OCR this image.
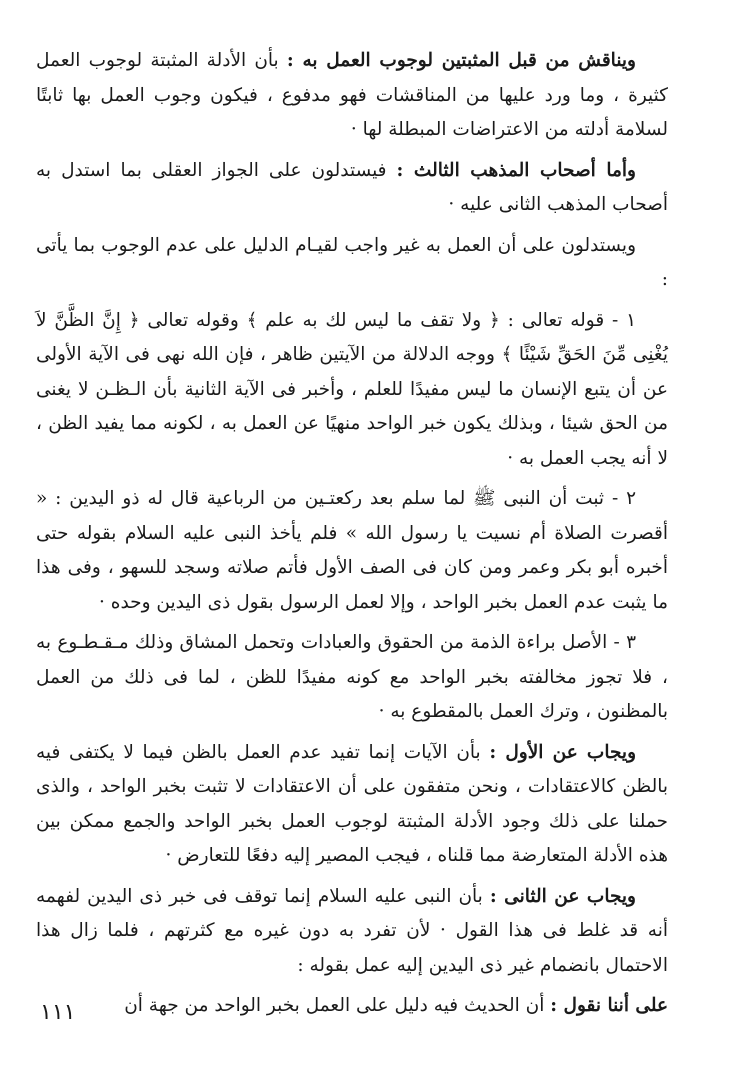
ويناقش من قبل المثبتين لوجوب العمل به : بأن الأدلة المثبتة لوجوب العمل كثيرة ، وما ورد عليها من المناقشات فهو مدفوع ، فيكون وجوب العمل بها ثابتًا لسلامة أدلته من الاعتراضات المبطلة لها ·

وأما أصحاب المذهب الثالث : فيستدلون على الجواز العقلى بما استدل به أصحاب المذهب الثانى عليه ·

ويستدلون على أن العمل به غير واجب لقيـام الدليل على عدم الوجوب بما يأتى :

١ - قوله تعالى : ﴿ ولا تقف ما ليس لك به علم ﴾ وقوله تعالى ﴿ إِنَّ الظَّنَّ لاَ يُغْنِى مِّنَ الحَقِّ شَيْئًا ﴾ ووجه الدلالة من الآيتين ظاهر ، فإن الله نهى فى الآية الأولى عن أن يتبع الإنسان ما ليس مفيدًا للعلم ، وأخبر فى الآية الثانية بأن الـظـن لا يغنى من الحق شيئا ، وبذلك يكون خبر الواحد منهيًا عن العمل به ، لكونه مما يفيد الظن ، لا أنه يجب العمل به ·

٢ - ثبت أن النبى ﷺ لما سلم بعد ركعتـين من الرباعية قال له ذو اليدين : « أقصرت الصلاة أم نسيت يا رسول الله » فلم يأخذ النبى عليه السلام بقوله حتى أخبره أبو بكر وعمر ومن كان فى الصف الأول فأتم صلاته وسجد للسهو ، وفى هذا ما يثبت عدم العمل بخبر الواحد ، وإلا لعمل الرسول بقول ذى اليدين وحده ·

٣ - الأصل براءة الذمة من الحقوق والعبادات وتحمل المشاق وذلك مـقـطـوع به ، فلا تجوز مخالفته بخبر الواحد مع كونه مفيدًا للظن ، لما فى ذلك من العمل بالمظنون ، وترك العمل بالمقطوع به ·

ويجاب عن الأول : بأن الآيات إنما تفيد عدم العمل بالظن فيما لا يكتفى فيه بالظن كالاعتقادات ، ونحن متفقون على أن الاعتقادات لا تثبت بخبر الواحد ، والذى حملنا على ذلك وجود الأدلة المثبتة لوجوب العمل بخبر الواحد والجمع ممكن بين هذه الأدلة المتعارضة مما قلناه ، فيجب المصير إليه دفعًا للتعارض ·

ويجاب عن الثانى : بأن النبى عليه السلام إنما توقف فى خبر ذى اليدين لفهمه أنه قد غلط فى هذا القول · لأن تفرد به دون غيره مع كثرتهم ، فلما زال هذا الاحتمال بانضمام غير ذى اليدين إليه عمل بقوله :

على أننا نقول : أن الحديث فيه دليل على العمل بخبر الواحد من جهة أن

١١١
